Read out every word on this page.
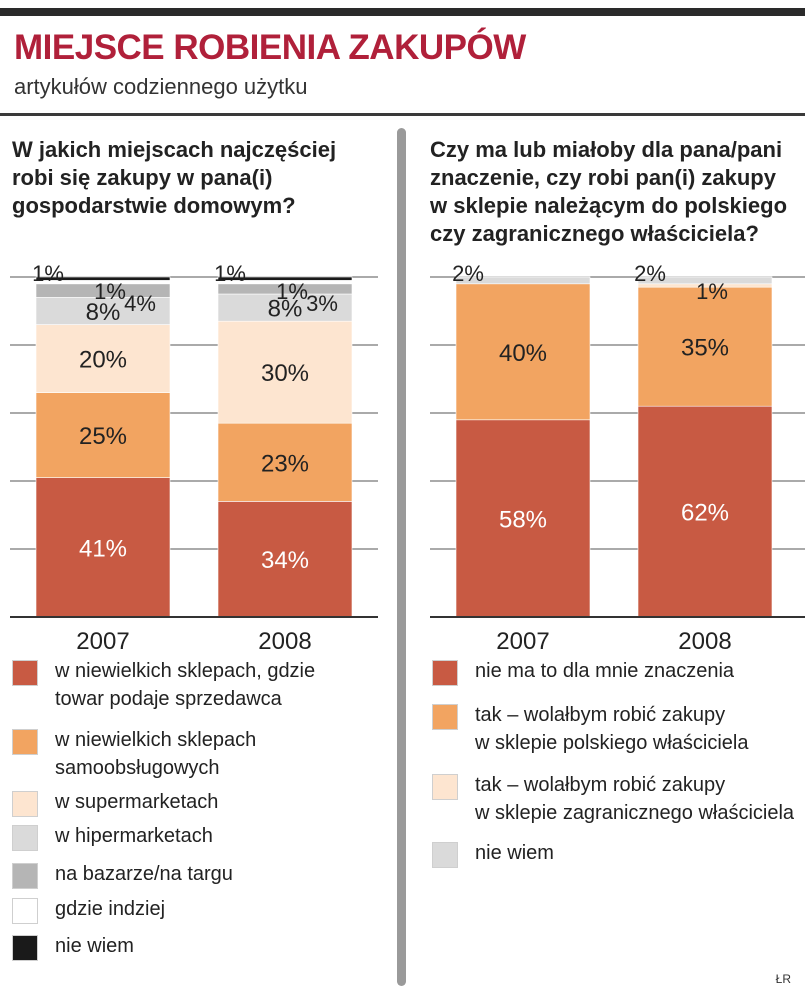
MIEJSCE ROBIENIA ZAKUPÓW
artykułów codziennego użytku
W jakich miejscach najczęściej
robi się zakupy w pana(i)
gospodarstwie domowym?
Czy ma lub miałoby dla pana/pani
znaczenie, czy robi pan(i) zakupy
w sklepie należącym do polskiego
czy zagranicznego właściciela?
41%
25%
20%
8%
1%
1%
4%
2007
34%
23%
30%
8%
1%
1%
3%
2008
58%
40%
2%
2007
62%
35%
2%
1%
2008
w niewielkich sklepach, gdzie
towar podaje sprzedawca
w niewielkich sklepach
samoobsługowych
w supermarketach
w hipermarketach
na bazarze/na targu
gdzie indziej
nie wiem
nie ma to dla mnie znaczenia
tak – wolałbym robić zakupy
w sklepie polskiego właściciela
tak – wolałbym robić zakupy
w sklepie zagranicznego właściciela
nie wiem
ŁR
